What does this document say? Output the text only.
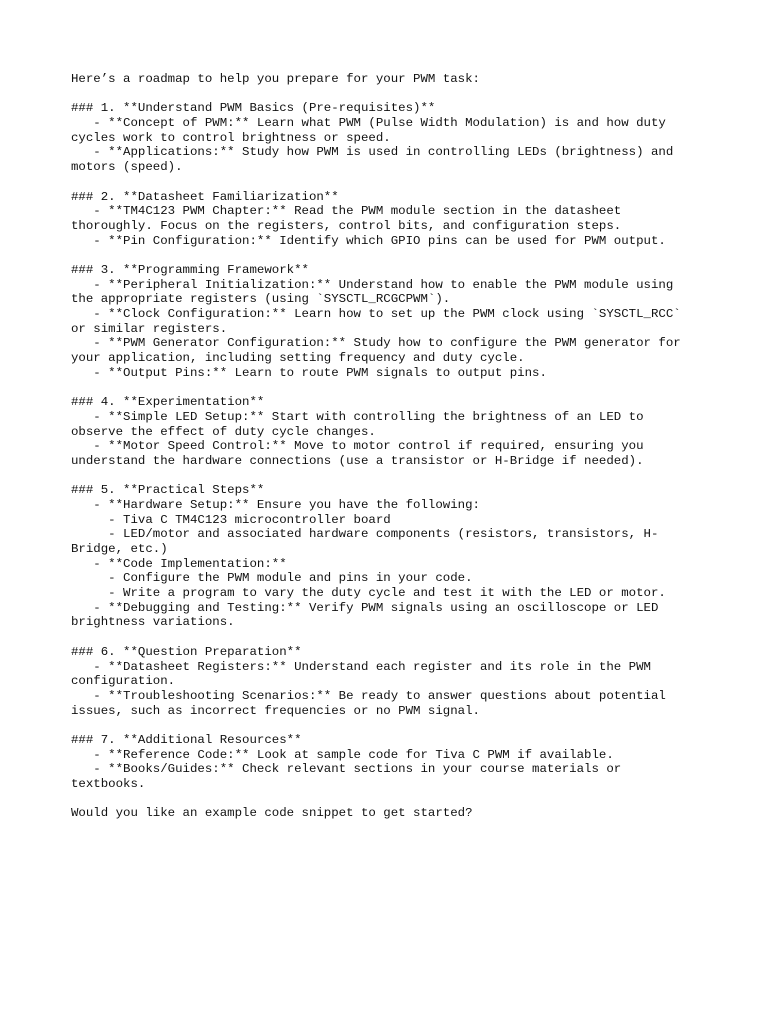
Here’s a roadmap to help you prepare for your PWM task:
### 1. **Understand PWM Basics (Pre-requisites)**
- **Concept of PWM:** Learn what PWM (Pulse Width Modulation) is and how duty
cycles work to control brightness or speed.
- **Applications:** Study how PWM is used in controlling LEDs (brightness) and
motors (speed).
### 2. **Datasheet Familiarization**
- **TM4C123 PWM Chapter:** Read the PWM module section in the datasheet
thoroughly. Focus on the registers, control bits, and configuration steps.
- **Pin Configuration:** Identify which GPIO pins can be used for PWM output.
### 3. **Programming Framework**
- **Peripheral Initialization:** Understand how to enable the PWM module using
the appropriate registers (using `SYSCTL_RCGCPWM`).
- **Clock Configuration:** Learn how to set up the PWM clock using `SYSCTL_RCC`
or similar registers.
- **PWM Generator Configuration:** Study how to configure the PWM generator for
your application, including setting frequency and duty cycle.
- **Output Pins:** Learn to route PWM signals to output pins.
### 4. **Experimentation**
- **Simple LED Setup:** Start with controlling the brightness of an LED to
observe the effect of duty cycle changes.
- **Motor Speed Control:** Move to motor control if required, ensuring you
understand the hardware connections (use a transistor or H-Bridge if needed).
### 5. **Practical Steps**
- **Hardware Setup:** Ensure you have the following:
- Tiva C TM4C123 microcontroller board
- LED/motor and associated hardware components (resistors, transistors, H-
Bridge, etc.)
- **Code Implementation:**
- Configure the PWM module and pins in your code.
- Write a program to vary the duty cycle and test it with the LED or motor.
- **Debugging and Testing:** Verify PWM signals using an oscilloscope or LED
brightness variations.
### 6. **Question Preparation**
- **Datasheet Registers:** Understand each register and its role in the PWM
configuration.
- **Troubleshooting Scenarios:** Be ready to answer questions about potential
issues, such as incorrect frequencies or no PWM signal.
### 7. **Additional Resources**
- **Reference Code:** Look at sample code for Tiva C PWM if available.
- **Books/Guides:** Check relevant sections in your course materials or
textbooks.
Would you like an example code snippet to get started?
